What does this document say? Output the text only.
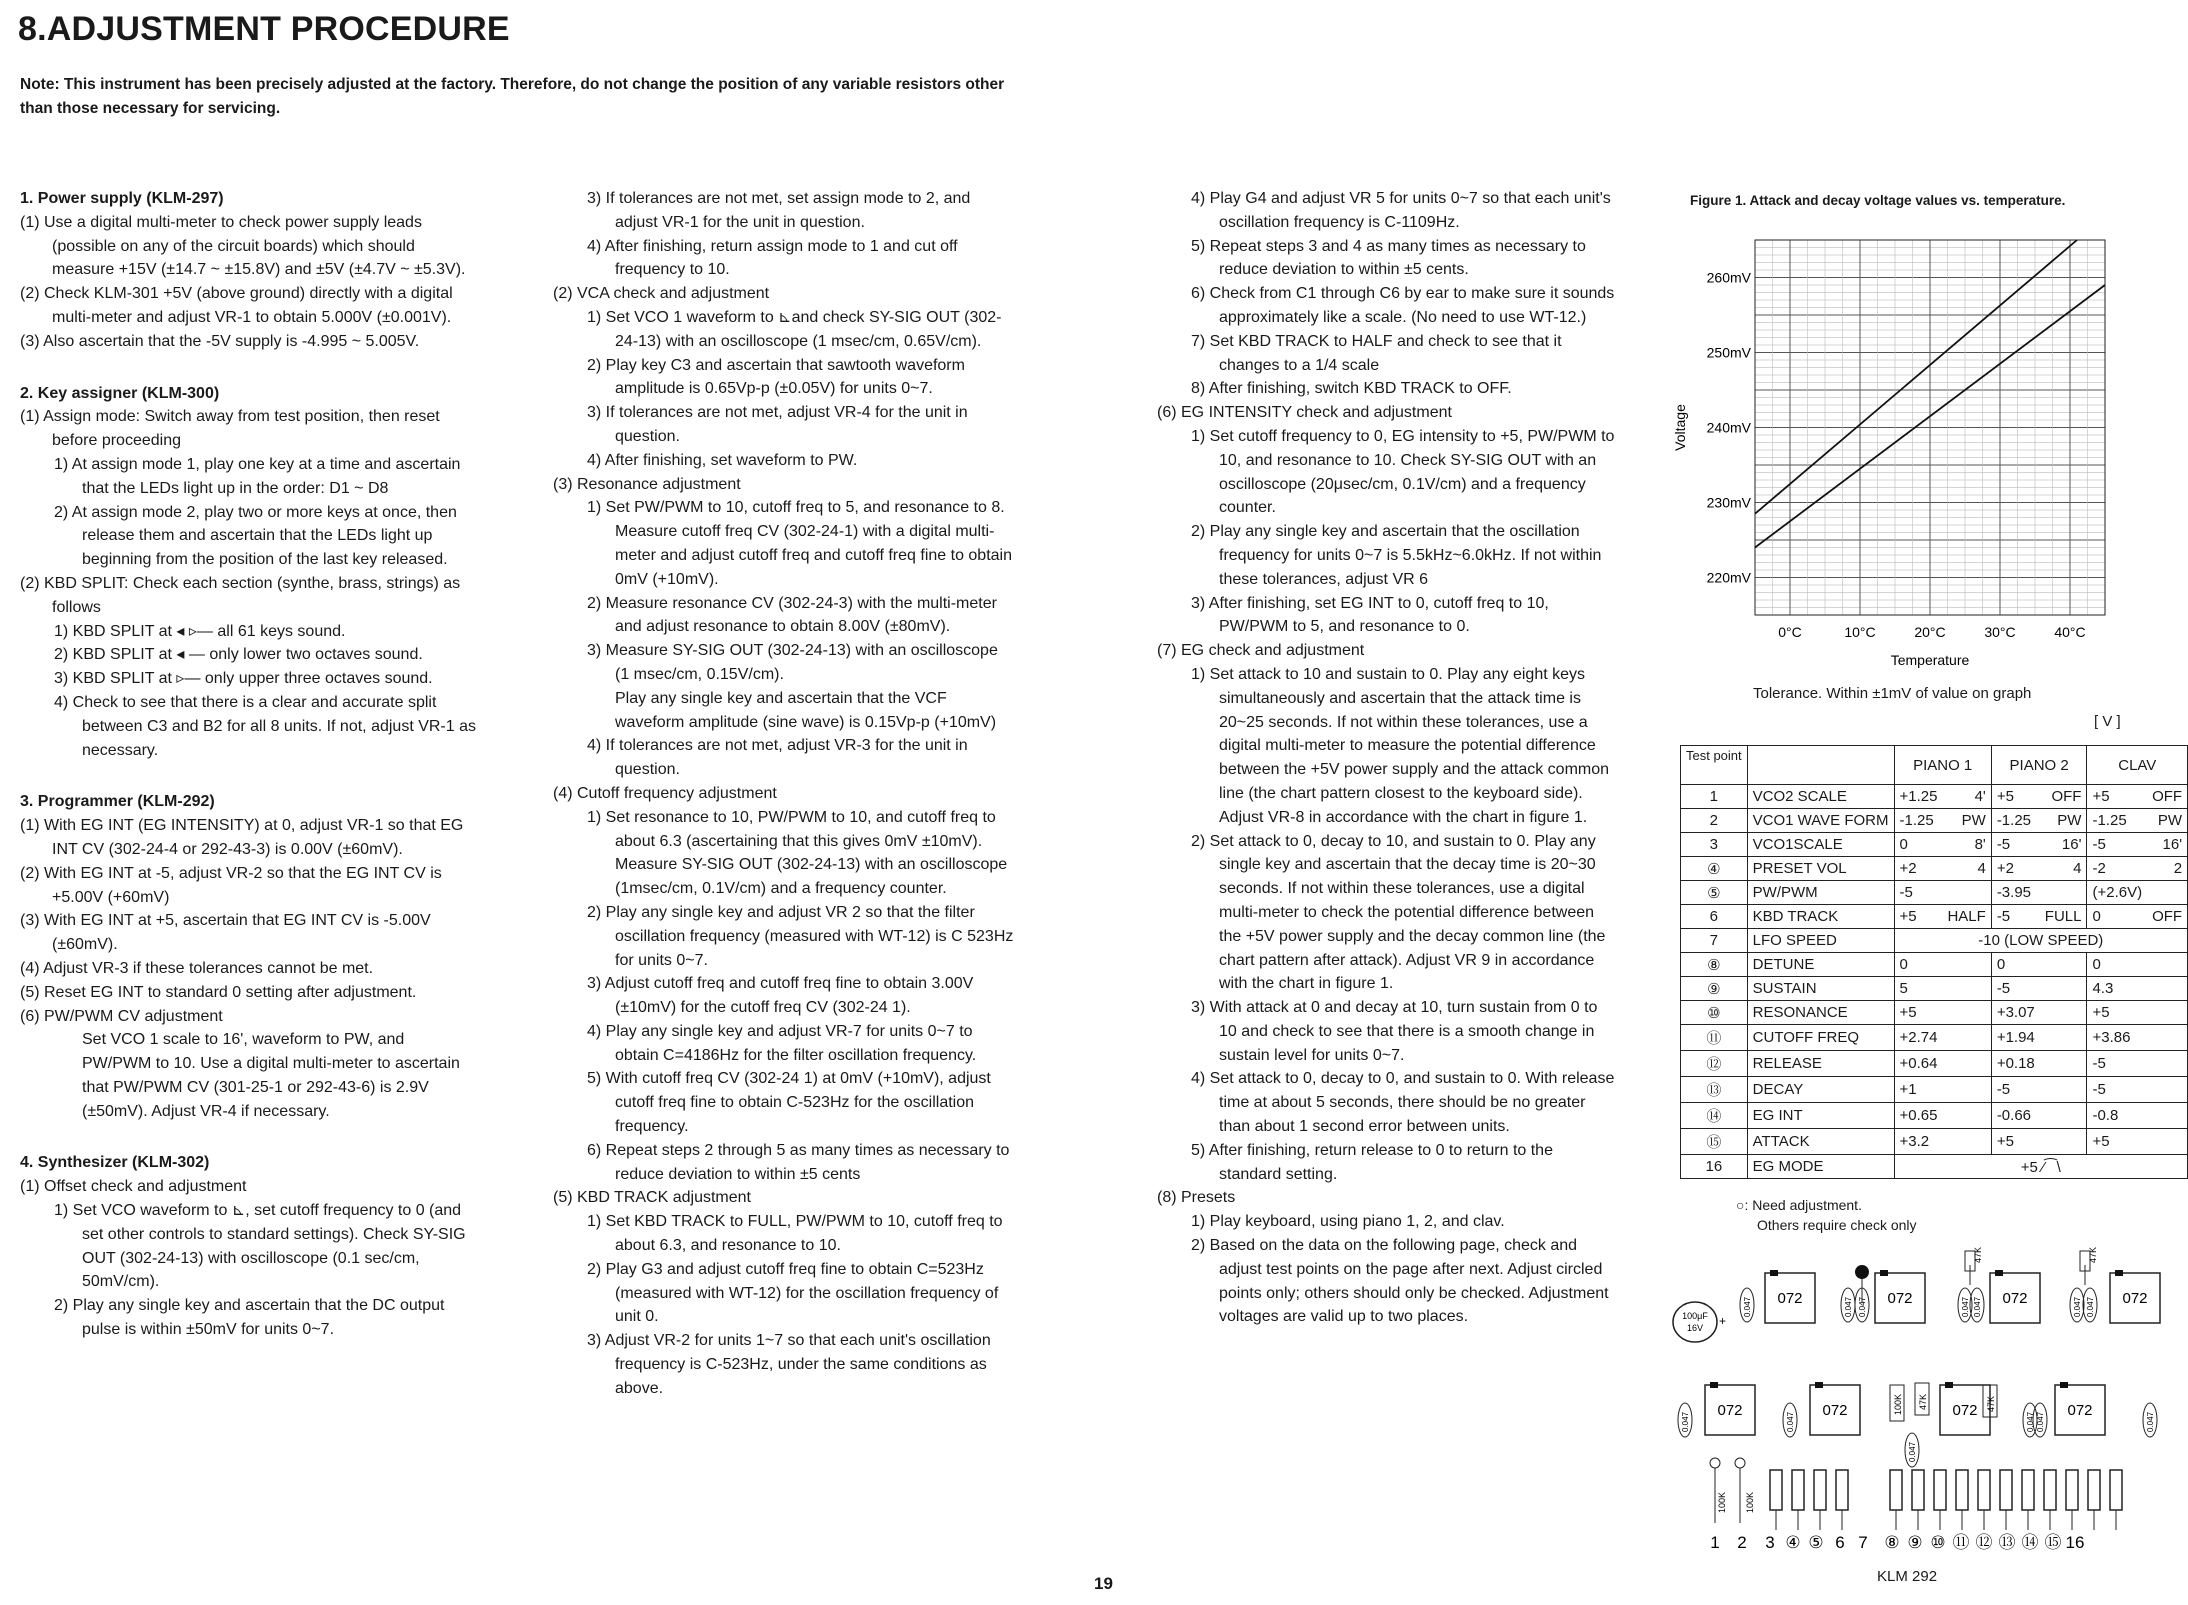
8.ADJUSTMENT PROCEDURE
Note: This instrument has been precisely adjusted at the factory. Therefore, do not change the position of any variable resistors other than those necessary for servicing.

1. Power supply (KLM-297)

(1) Use a digital multi-meter to check power supply leads (possible on any of the circuit boards) which should measure +15V (±14.7 ~ ±15.8V) and ±5V (±4.7V ~ ±5.3V).

(2) Check KLM-301 +5V (above ground) directly with a digital multi-meter and adjust VR-1 to obtain 5.000V (±0.001V).

(3) Also ascertain that the -5V supply is -4.995 ~ 5.005V.

2. Key assigner (KLM-300)

(1) Assign mode: Switch away from test position, then reset before proceeding

1) At assign mode 1, play one key at a time and ascertain that the LEDs light up in the order: D1 ~ D8

2) At assign mode 2, play two or more keys at once, then release them and ascertain that the LEDs light up beginning from the position of the last key released.

(2) KBD SPLIT: Check each section (synthe, brass, strings) as follows

1) KBD SPLIT at ◂ ▹— all 61 keys sound.

2) KBD SPLIT at ◂ — only lower two octaves sound.

3) KBD SPLIT at ▹— only upper three octaves sound.

4) Check to see that there is a clear and accurate split between C3 and B2 for all 8 units. If not, adjust VR-1 as necessary.

3. Programmer (KLM-292)

(1) With EG INT (EG INTENSITY) at 0, adjust VR-1 so that EG INT CV (302-24-4 or 292-43-3) is 0.00V (±60mV).

(2) With EG INT at -5, adjust VR-2 so that the EG INT CV is +5.00V (+60mV)

(3) With EG INT at +5, ascertain that EG INT CV is -5.00V (±60mV).

(4) Adjust VR-3 if these tolerances cannot be met.

(5) Reset EG INT to standard 0 setting after adjustment.

(6) PW/PWM CV adjustment

Set VCO 1 scale to 16', waveform to PW, and PW/PWM to 10. Use a digital multi-meter to ascertain that PW/PWM CV (301-25-1 or 292-43-6) is 2.9V (±50mV). Adjust VR-4 if necessary.

4. Synthesizer (KLM-302)

(1) Offset check and adjustment

1) Set VCO waveform to ⊾, set cutoff frequency to 0 (and set other controls to standard settings). Check SY-SIG OUT (302-24-13) with oscilloscope (0.1 sec/cm, 50mV/cm).

2) Play any single key and ascertain that the DC output pulse is within ±50mV for units 0~7.

3) If tolerances are not met, set assign mode to 2, and adjust VR-1 for the unit in question.

4) After finishing, return assign mode to 1 and cut off frequency to 10.

(2) VCA check and adjustment

1) Set VCO 1 waveform to ⊾and check SY-SIG OUT (302-24-13) with an oscilloscope (1 msec/cm, 0.65V/cm).

2) Play key C3 and ascertain that sawtooth waveform amplitude is 0.65Vp-p (±0.05V) for units 0~7.

3) If tolerances are not met, adjust VR-4 for the unit in question.

4) After finishing, set waveform to PW.

(3) Resonance adjustment

1) Set PW/PWM to 10, cutoff freq to 5, and resonance to 8. Measure cutoff freq CV (302-24-1) with a digital multi-meter and adjust cutoff freq and cutoff freq fine to obtain 0mV (+10mV).

2) Measure resonance CV (302-24-3) with the multi-meter and adjust resonance to obtain 8.00V (±80mV).

3) Measure SY-SIG OUT (302-24-13) with an oscilloscope (1 msec/cm, 0.15V/cm).

Play any single key and ascertain that the VCF waveform amplitude (sine wave) is 0.15Vp-p (+10mV)

4) If tolerances are not met, adjust VR-3 for the unit in question.

(4) Cutoff frequency adjustment

1) Set resonance to 10, PW/PWM to 10, and cutoff freq to about 6.3 (ascertaining that this gives 0mV ±10mV). Measure SY-SIG OUT (302-24-13) with an oscilloscope (1msec/cm, 0.1V/cm) and a frequency counter.

2) Play any single key and adjust VR 2 so that the filter oscillation frequency (measured with WT-12) is C 523Hz for units 0~7.

3) Adjust cutoff freq and cutoff freq fine to obtain 3.00V (±10mV) for the cutoff freq CV (302-24 1).

4) Play any single key and adjust VR-7 for units 0~7 to obtain C=4186Hz for the filter oscillation frequency.

5) With cutoff freq CV (302-24 1) at 0mV (+10mV), adjust cutoff freq fine to obtain C-523Hz for the oscillation frequency.

6) Repeat steps 2 through 5 as many times as necessary to reduce deviation to within ±5 cents

(5) KBD TRACK adjustment

1) Set KBD TRACK to FULL, PW/PWM to 10, cutoff freq to about 6.3, and resonance to 10.

2) Play G3 and adjust cutoff freq fine to obtain C=523Hz (measured with WT-12) for the oscillation frequency of unit 0.

3) Adjust VR-2 for units 1~7 so that each unit's oscillation frequency is C-523Hz, under the same conditions as above.

4) Play G4 and adjust VR 5 for units 0~7 so that each unit's oscillation frequency is C-1109Hz.

5) Repeat steps 3 and 4 as many times as necessary to reduce deviation to within ±5 cents.

6) Check from C1 through C6 by ear to make sure it sounds approximately like a scale. (No need to use WT-12.)

7) Set KBD TRACK to HALF and check to see that it changes to a 1/4 scale

8) After finishing, switch KBD TRACK to OFF.

(6) EG INTENSITY check and adjustment

1) Set cutoff frequency to 0, EG intensity to +5, PW/PWM to 10, and resonance to 10. Check SY-SIG OUT with an oscilloscope (20μsec/cm, 0.1V/cm) and a frequency counter.

2) Play any single key and ascertain that the oscillation frequency for units 0~7 is 5.5kHz~6.0kHz. If not within these tolerances, adjust VR 6

3) After finishing, set EG INT to 0, cutoff freq to 10, PW/PWM to 5, and resonance to 0.

(7) EG check and adjustment

1) Set attack to 10 and sustain to 0. Play any eight keys simultaneously and ascertain that the attack time is 20~25 seconds. If not within these tolerances, use a digital multi-meter to measure the potential difference between the +5V power supply and the attack common line (the chart pattern closest to the keyboard side). Adjust VR-8 in accordance with the chart in figure 1.

2) Set attack to 0, decay to 10, and sustain to 0. Play any single key and ascertain that the decay time is 20~30 seconds. If not within these tolerances, use a digital multi-meter to check the potential difference between the +5V power supply and the decay common line (the chart pattern after attack). Adjust VR 9 in accordance with the chart in figure 1.

3) With attack at 0 and decay at 10, turn sustain from 0 to 10 and check to see that there is a smooth change in sustain level for units 0~7.

4) Set attack to 0, decay to 0, and sustain to 0. With release time at about 5 seconds, there should be no greater than about 1 second error between units.

5) After finishing, return release to 0 to return to the standard setting.

(8) Presets

1) Play keyboard, using piano 1, 2, and clav.

2) Based on the data on the following page, check and adjust test points on the page after next. Adjust circled points only; others should only be checked. Adjustment voltages are valid up to two places.

19
Figure 1. Attack and decay voltage values vs. temperature.
260mV
250mV
240mV
230mV
220mV
0°C	10°C	20°C	30°C	40°C
Temperature
Voltage
Tolerance. Within ±1mV of value on graph
[ V ]
Test point		PIANO 1		PIANO 2		CLAV	
1	VCO2 SCALE	+1.25	4'	+5	OFF	+5	OFF
2	VCO1 WAVE FORM	-1.25	PW	-1.25	PW	-1.25	PW
3	VCO1SCALE	0	8'	-5	16'	-5	16'
④	PRESET VOL	+2	4	+2	4	-2	2
⑤	PW/PWM	-5		-3.95		(+2.6V)	
6	KBD TRACK	+5	HALF	-5	FULL	0	OFF
7	LFO SPEED	-10 (LOW SPEED)					
⑧	DETUNE	0		0		0	
⑨	SUSTAIN	5		-5		4.3	
⑩	RESONANCE	+5		+3.07		+5	
⑪	CUTOFF FREQ	+2.74		+1.94		+3.86	
⑫	RELEASE	+0.64		+0.18		-5	
⑬	DECAY	+1		-5		-5	
⑭	EG INT	+0.65		-0.66		-0.8	
⑮	ATTACK	+3.2		+5		+5	
16	EG MODE	+5 ⁄⁀\					
○: Need adjustment.
Others require check only
072	072	072	072
072	072	072	072
0.047	0.047 0.047	0.047 0.047	0.047 0.047
0.047	0.047
0.047
0.047 0.047	0.047
100μF
16V +
47K	47K
100K 47K	47K
100K 100K
1 2 3 ④ ⑤ 6 7 ⑧ ⑨ ⑩ ⑪ ⑫ ⑬ ⑭ ⑮ 16
KLM 292
